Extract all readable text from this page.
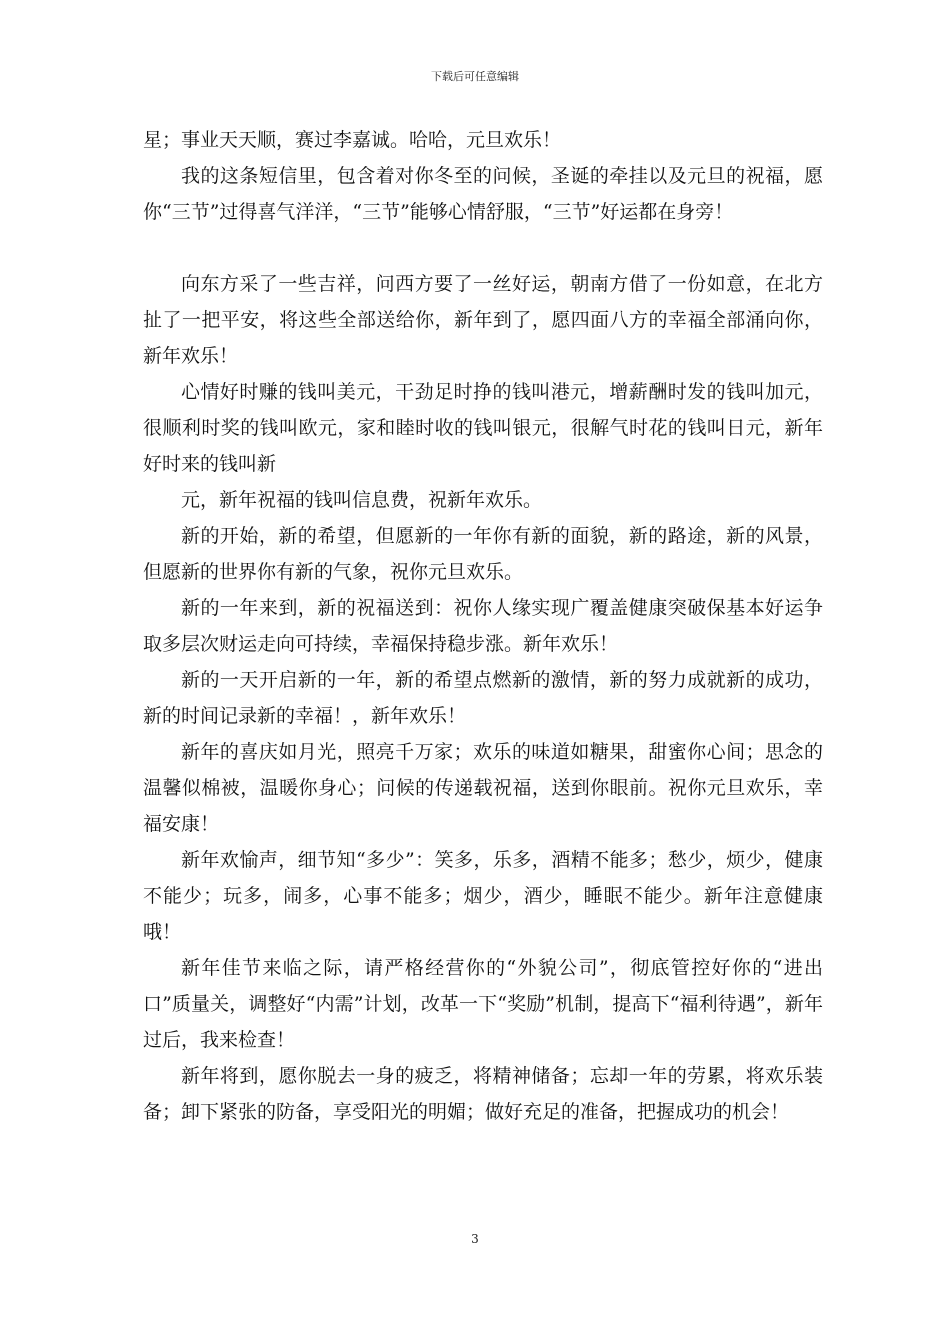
下载后可任意编辑

星；事业天天顺，赛过李嘉诚。哈哈，元旦欢乐！

我的这条短信里，包含着对你冬至的问候，圣诞的牵挂以及元旦的祝福，愿你“三节”过得喜气洋洋，“三节”能够心情舒服，“三节”好运都在身旁！

向东方采了一些吉祥，问西方要了一丝好运，朝南方借了一份如意，在北方扯了一把平安，将这些全部送给你，新年到了，愿四面八方的幸福全部涌向你，新年欢乐！

心情好时赚的钱叫美元，干劲足时挣的钱叫港元，增薪酬时发的钱叫加元，很顺利时奖的钱叫欧元，家和睦时收的钱叫银元，很解气时花的钱叫日元，新年好时来的钱叫新

元，新年祝福的钱叫信息费，祝新年欢乐。

新的开始，新的希望，但愿新的一年你有新的面貌，新的路途，新的风景，但愿新的世界你有新的气象，祝你元旦欢乐。

新的一年来到，新的祝福送到：祝你人缘实现广覆盖健康突破保基本好运争取多层次财运走向可持续，幸福保持稳步涨。新年欢乐！

新的一天开启新的一年，新的希望点燃新的激情，新的努力成就新的成功，新的时间记录新的幸福！，新年欢乐！

新年的喜庆如月光，照亮千万家；欢乐的味道如糖果，甜蜜你心间；思念的温馨似棉被，温暖你身心；问候的传递载祝福，送到你眼前。祝你元旦欢乐，幸福安康！

新年欢愉声，细节知“多少”：笑多，乐多，酒精不能多；愁少，烦少，健康不能少；玩多，闹多，心事不能多；烟少，酒少，睡眠不能少。新年注意健康哦！

新年佳节来临之际，请严格经营你的“外貌公司”，彻底管控好你的“进出口”质量关，调整好“内需”计划，改革一下“奖励”机制，提高下“福利待遇”，新年过后，我来检查！

新年将到，愿你脱去一身的疲乏，将精神储备；忘却一年的劳累，将欢乐装备；卸下紧张的防备，享受阳光的明媚；做好充足的准备，把握成功的机会！

3
